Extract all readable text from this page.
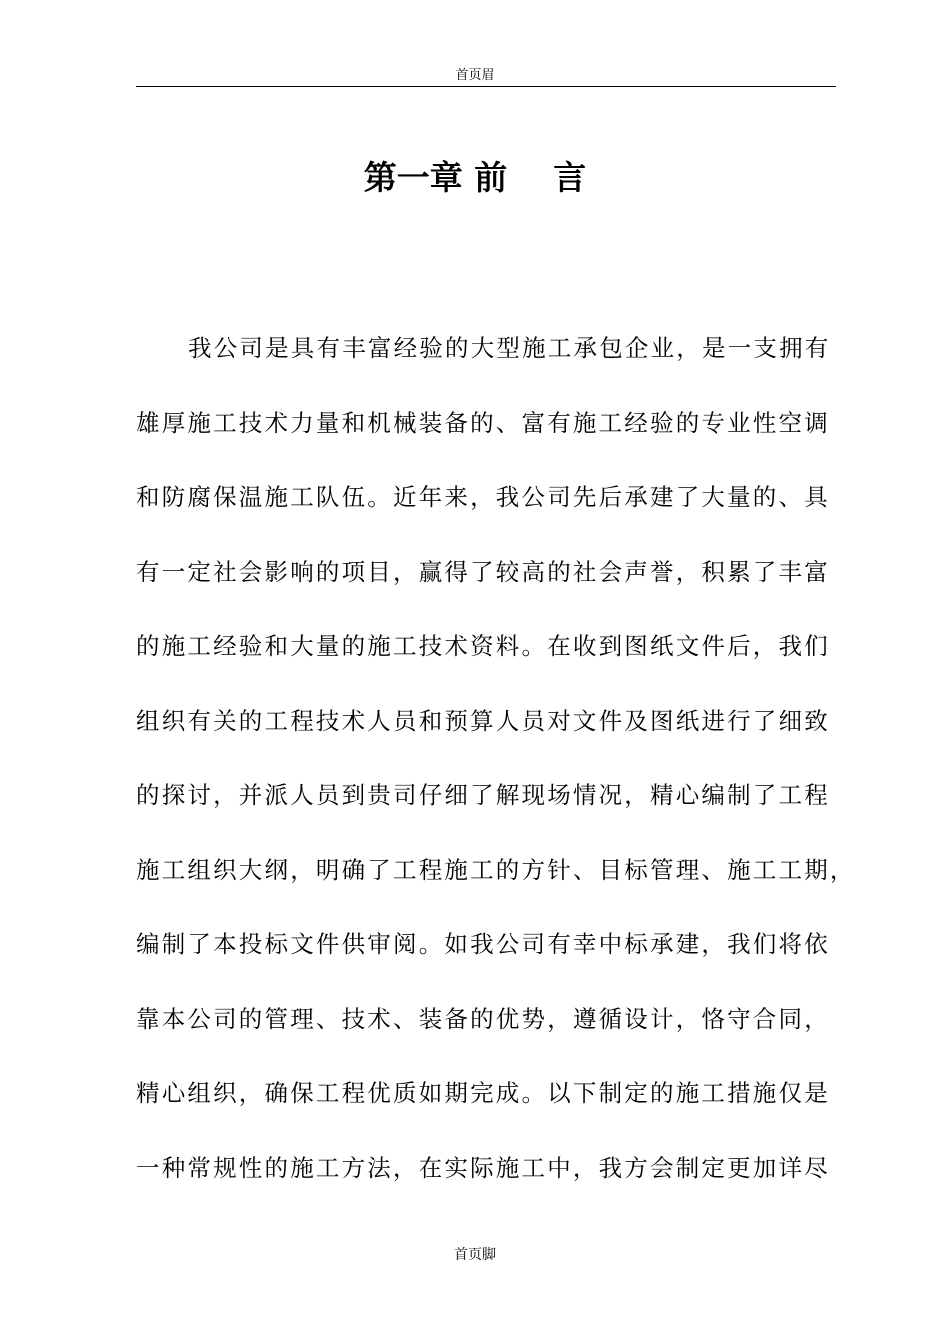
首页眉
第一章 前    言
我公司是具有丰富经验的大型施工承包企业，是一支拥有
雄厚施工技术力量和机械装备的、富有施工经验的专业性空调
和防腐保温施工队伍。近年来，我公司先后承建了大量的、具
有一定社会影响的项目，赢得了较高的社会声誉，积累了丰富
的施工经验和大量的施工技术资料。在收到图纸文件后，我们
组织有关的工程技术人员和预算人员对文件及图纸进行了细致
的探讨，并派人员到贵司仔细了解现场情况，精心编制了工程
施工组织大纲，明确了工程施工的方针、目标管理、施工工期，
编制了本投标文件供审阅。如我公司有幸中标承建，我们将依
靠本公司的管理、技术、装备的优势，遵循设计，恪守合同，
精心组织，确保工程优质如期完成。以下制定的施工措施仅是
一种常规性的施工方法，在实际施工中，我方会制定更加详尽
首页脚
